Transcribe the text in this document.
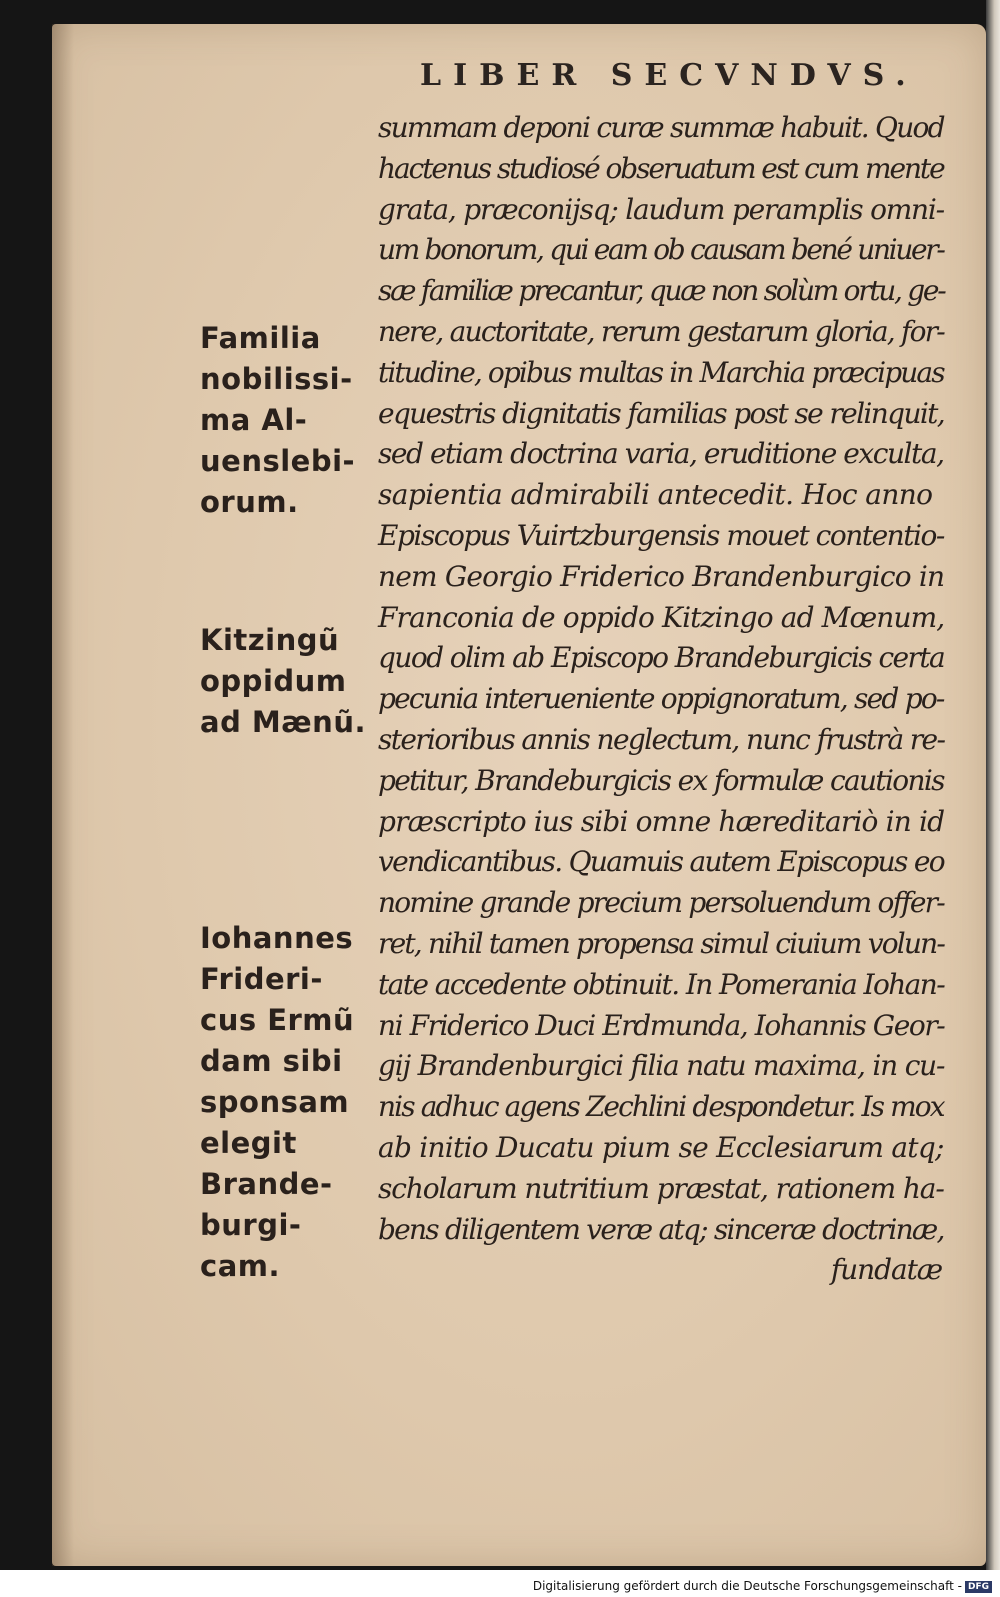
LIBER SECVNDVS.
summam deponi curæ summæ habuit. Quod
hactenus studiosé obseruatum est cum mente
grata, præconijsq; laudum peramplis omni-
um bonorum, qui eam ob causam bené uniuer-
sæ familiæ precantur, quæ non solùm ortu, ge-
nere, auctoritate, rerum gestarum gloria, for-
titudine, opibus multas in Marchia præcipuas
equestris dignitatis familias post se relinquit,
sed etiam doctrina varia, eruditione exculta,
sapientia admirabili antecedit. Hoc anno
Episcopus Vuirtzburgensis mouet contentio-
nem Georgio Friderico Brandenburgico in
Franconia de oppido Kitzingo ad Mœnum,
quod olim ab Episcopo Brandeburgicis certa
pecunia interueniente oppignoratum, sed po-
sterioribus annis neglectum, nunc frustrà re-
petitur, Brandeburgicis ex formulæ cautionis
præscripto ius sibi omne hæreditariò in id
vendicantibus. Quamuis autem Episcopus eo
nomine grande precium persoluendum offer-
ret, nihil tamen propensa simul ciuium volun-
tate accedente obtinuit. In Pomerania Iohan-
ni Friderico Duci Erdmunda, Iohannis Geor-
gij Brandenburgici filia natu maxima, in cu-
nis adhuc agens Zechlini despondetur. Is mox
ab initio Ducatu pium se Ecclesiarum atq;
scholarum nutritium præstat, rationem ha-
bens diligentem veræ atq; sinceræ doctrinæ,
fundatæ
Familia
nobilissi-
ma Al-
uenslebi-
orum.
Kitzingũ
oppidum
ad Mænũ.
Iohannes
Frideri-
cus Ermũ
dam sibi
sponsam
elegit
Brande-
burgi-
cam.
Digitalisierung gefördert durch die Deutsche Forschungsgemeinschaft - DFG
